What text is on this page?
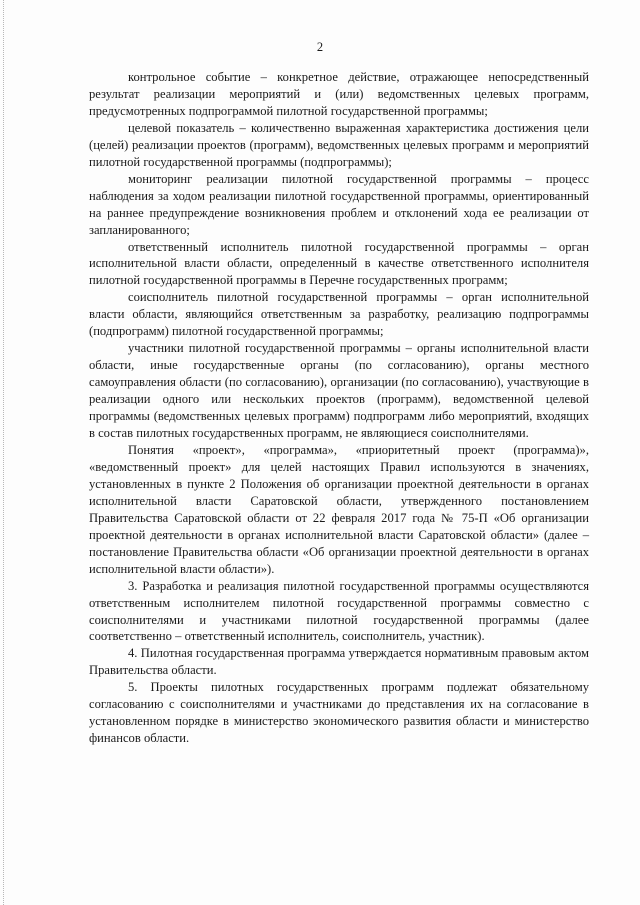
2

контрольное событие – конкретное действие, отражающее непосредственный результат реализации мероприятий и (или) ведомственных целевых программ, предусмотренных подпрограммой пилотной государственной программы;

целевой показатель – количественно выраженная характеристика достижения цели (целей) реализации проектов (программ), ведомственных целевых программ и мероприятий пилотной государственной программы (подпрограммы);

мониторинг реализации пилотной государственной программы – процесс наблюдения за ходом реализации пилотной государственной программы, ориентированный на раннее предупреждение возникновения проблем и отклонений хода ее реализации от запланированного;

ответственный исполнитель пилотной государственной программы – орган исполнительной власти области, определенный в качестве ответственного исполнителя пилотной государственной программы в Перечне государственных программ;

соисполнитель пилотной государственной программы – орган исполнительной власти области, являющийся ответственным за разработку, реализацию подпрограммы (подпрограмм) пилотной государственной программы;

участники пилотной государственной программы – органы исполнительной власти области, иные государственные органы (по согласованию), органы местного самоуправления области (по согласованию), организации (по согласованию), участвующие в реализации одного или нескольких проектов (программ), ведомственной целевой программы (ведомственных целевых программ) подпрограмм либо мероприятий, входящих в состав пилотных государственных программ, не являющиеся соисполнителями.

Понятия «проект», «программа», «приоритетный проект (программа)», «ведомственный проект» для целей настоящих Правил используются в значениях, установленных в пункте 2 Положения об организации проектной деятельности в органах исполнительной власти Саратовской области, утвержденного постановлением Правительства Саратовской области от 22 февраля 2017 года № 75-П «Об организации проектной деятельности в органах исполнительной власти Саратовской области» (далее – постановление Правительства области «Об организации проектной деятельности в органах исполнительной власти области»).

3. Разработка и реализация пилотной государственной программы осуществляются ответственным исполнителем пилотной государственной программы совместно с соисполнителями и участниками пилотной государственной программы (далее соответственно – ответственный исполнитель, соисполнитель, участник).

4. Пилотная государственная программа утверждается нормативным правовым актом Правительства области.

5. Проекты пилотных государственных программ подлежат обязательному согласованию с соисполнителями и участниками до представления их на согласование в установленном порядке в министерство экономического развития области и министерство финансов области.
